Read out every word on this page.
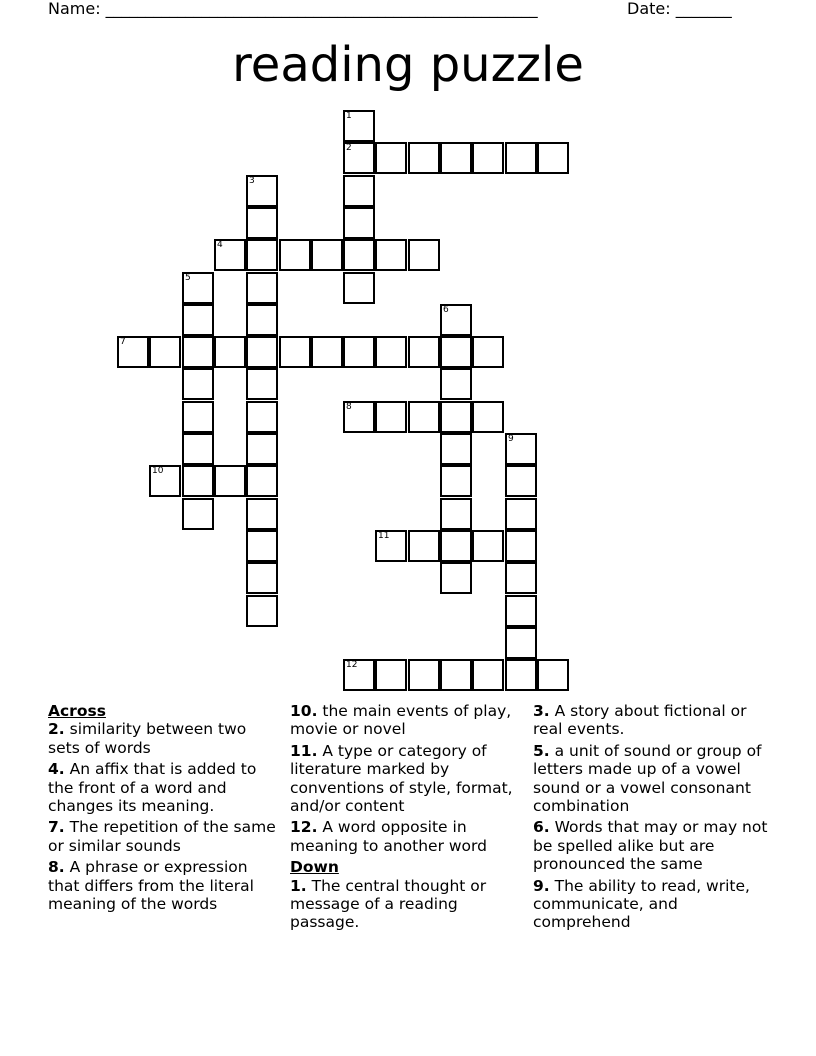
Name: ______________________________________________________	Date: _______
reading puzzle
1
2
3
4
5
6
7
8
9
10
11
12
Across
2. similarity between two sets of words
4. An affix that is added to the front of a word and changes its meaning.
7. The repetition of the same or similar sounds
8. A phrase or expression that differs from the literal meaning of the words
10. the main events of play, movie or novel
11. A type or category of literature marked by conventions of style, format, and/or content
12. A word opposite in meaning to another word
Down
1. The central thought or message of a reading passage.
3. A story about fictional or real events.
5. a unit of sound or group of letters made up of a vowel sound or a vowel consonant combination
6. Words that may or may not be spelled alike but are pronounced the same
9. The ability to read, write, communicate, and comprehend
